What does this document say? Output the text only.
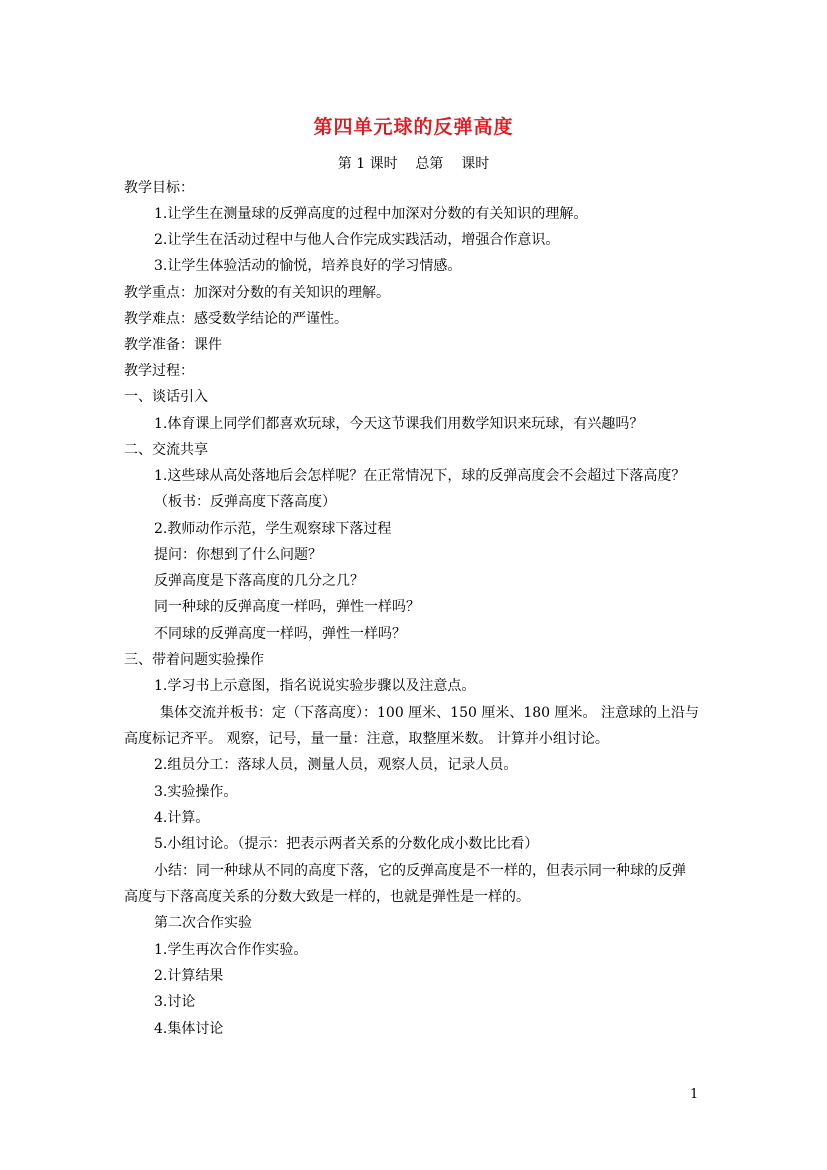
第四单元球的反弹高度
第 1 课时    总第    课时
教学目标：
1.让学生在测量球的反弹高度的过程中加深对分数的有关知识的理解。
2.让学生在活动过程中与他人合作完成实践活动，增强合作意识。
3.让学生体验活动的愉悦，培养良好的学习情感。
教学重点：加深对分数的有关知识的理解。
教学难点：感受数学结论的严谨性。
教学准备：课件
教学过程：
一、谈话引入
1.体育课上同学们都喜欢玩球，今天这节课我们用数学知识来玩球，有兴趣吗？
二、交流共享
1.这些球从高处落地后会怎样呢？在正常情况下，球的反弹高度会不会超过下落高度？
（板书：反弹高度下落高度）
2.教师动作示范，学生观察球下落过程
提问：你想到了什么问题？
反弹高度是下落高度的几分之几？
同一种球的反弹高度一样吗，弹性一样吗？
不同球的反弹高度一样吗，弹性一样吗？
三、带着问题实验操作
1.学习书上示意图，指名说说实验步骤以及注意点。
集体交流并板书：定（下落高度）：100 厘米、150 厘米、180 厘米。 注意球的上沿与
高度标记齐平。 观察，记号，量一量：注意，取整厘米数。 计算并小组讨论。
2.组员分工：落球人员，测量人员，观察人员，记录人员。
3.实验操作。
4.计算。
5.小组讨论。（提示：把表示两者关系的分数化成小数比比看）
小结：同一种球从不同的高度下落，它的反弹高度是不一样的，但表示同一种球的反弹
高度与下落高度关系的分数大致是一样的，也就是弹性是一样的。
第二次合作实验
1.学生再次合作作实验。
2.计算结果
3.讨论
4.集体讨论
1
